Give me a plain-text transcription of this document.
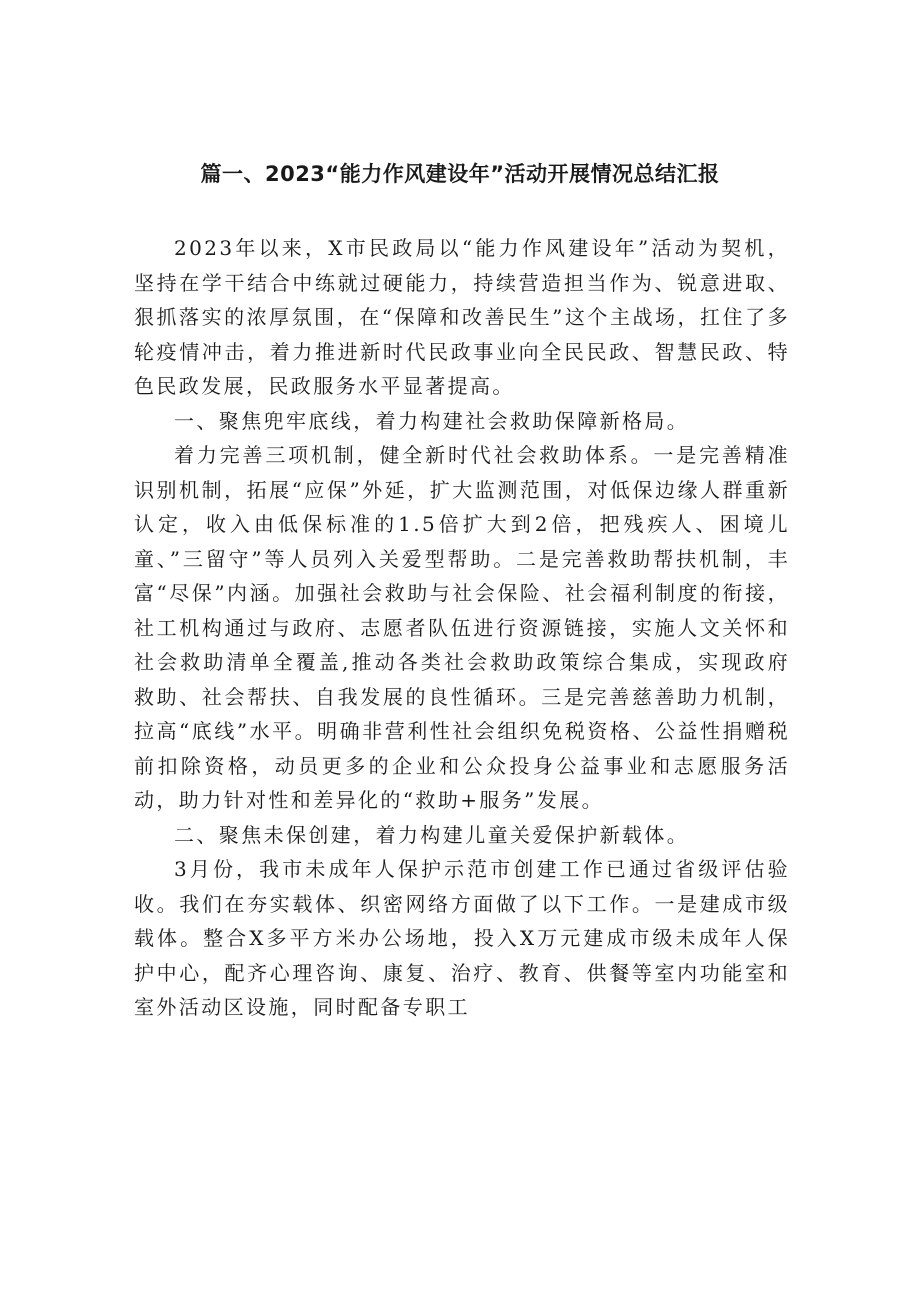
篇一、2023“能力作风建设年”活动开展情况总结汇报

2023年以来，X市民政局以“能力作风建设年”活动为契机，坚持在学干结合中练就过硬能力，持续营造担当作为、锐意进取、狠抓落实的浓厚氛围，在“保障和改善民生”这个主战场，扛住了多轮疫情冲击，着力推进新时代民政事业向全民民政、智慧民政、特色民政发展，民政服务水平显著提高。

一、聚焦兜牢底线，着力构建社会救助保障新格局。

着力完善三项机制，健全新时代社会救助体系。一是完善精准识别机制，拓展“应保”外延，扩大监测范围，对低保边缘人群重新认定，收入由低保标准的1.5倍扩大到2倍，把残疾人、困境儿童、”三留守”等人员列入关爱型帮助。二是完善救助帮扶机制，丰富“尽保”内涵。加强社会救助与社会保险、社会福利制度的衔接，社工机构通过与政府、志愿者队伍进行资源链接，实施人文关怀和社会救助清单全覆盖,推动各类社会救助政策综合集成，实现政府救助、社会帮扶、自我发展的良性循环。三是完善慈善助力机制，拉高“底线”水平。明确非营利性社会组织免税资格、公益性捐赠税前扣除资格，动员更多的企业和公众投身公益事业和志愿服务活动，助力针对性和差异化的“救助+服务”发展。

二、聚焦未保创建，着力构建儿童关爱保护新载体。

3月份，我市未成年人保护示范市创建工作已通过省级评估验收。我们在夯实载体、织密网络方面做了以下工作。一是建成市级载体。整合X多平方米办公场地，投入X万元建成市级未成年人保护中心，配齐心理咨询、康复、治疗、教育、供餐等室内功能室和室外活动区设施，同时配备专职工
